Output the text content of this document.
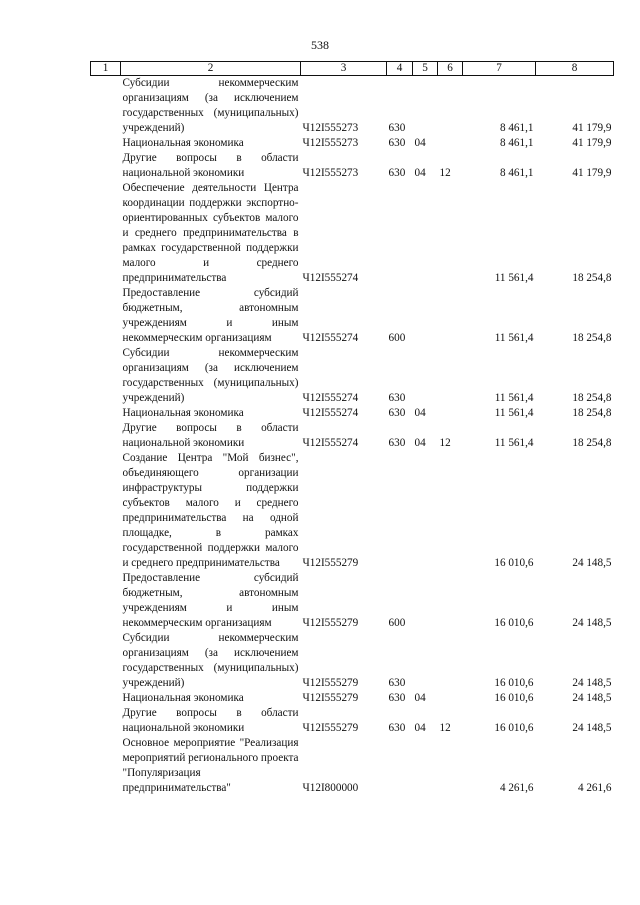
538
1	2	3	4	5	6	7	8
	Субсидии некоммерческим организациям (за исключением государственных (муниципальных) учреждений)	Ч12I555273	630			8 461,1	41 179,9
	Национальная экономика	Ч12I555273	630	04		8 461,1	41 179,9
	Другие вопросы в области национальной экономики	Ч12I555273	630	04	12	8 461,1	41 179,9
	Обеспечение деятельности Центра координации поддержки экспортно-ориентированных субъектов малого и среднего предпринимательства в рамках государственной поддержки малого и среднего предпринимательства	Ч12I555274				11 561,4	18 254,8
	Предоставление субсидий бюджетным, автономным учреждениям и иным некоммерческим организациям	Ч12I555274	600			11 561,4	18 254,8
	Субсидии некоммерческим организациям (за исключением государственных (муниципальных) учреждений)	Ч12I555274	630			11 561,4	18 254,8
	Национальная экономика	Ч12I555274	630	04		11 561,4	18 254,8
	Другие вопросы в области национальной экономики	Ч12I555274	630	04	12	11 561,4	18 254,8
	Создание Центра "Мой бизнес", объединяющего организации инфраструктуры поддержки субъектов малого и среднего предпринимательства на одной площадке, в рамках государственной поддержки малого и среднего предпринимательства	Ч12I555279				16 010,6	24 148,5
	Предоставление субсидий бюджетным, автономным учреждениям и иным некоммерческим организациям	Ч12I555279	600			16 010,6	24 148,5
	Субсидии некоммерческим организациям (за исключением государственных (муниципальных) учреждений)	Ч12I555279	630			16 010,6	24 148,5
	Национальная экономика	Ч12I555279	630	04		16 010,6	24 148,5
	Другие вопросы в области национальной экономики	Ч12I555279	630	04	12	16 010,6	24 148,5
	Основное мероприятие "Реализация мероприятий регионального проекта "Популяризация предпринимательства"	Ч12I800000				4 261,6	4 261,6
